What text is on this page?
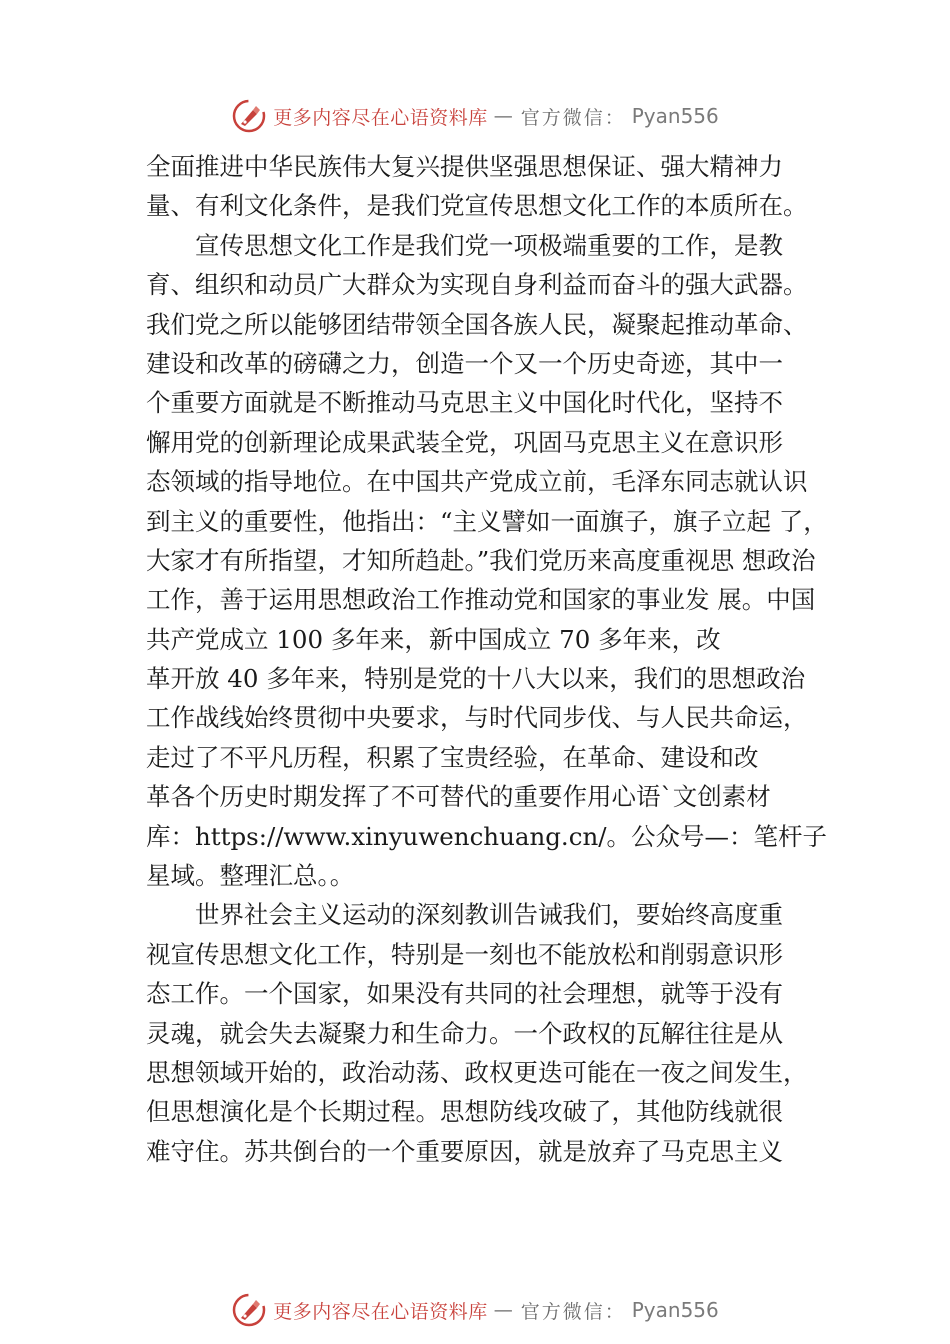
更多内容尽在心语资料库 — 官方微信： Pyan556
全面推进中华民族伟大复兴提供坚强思想保证、强大精神力
量、有利文化条件，是我们党宣传思想文化工作的本质所在。
宣传思想文化工作是我们党一项极端重要的工作，是教
育、组织和动员广大群众为实现自身利益而奋斗的强大武器。
我们党之所以能够团结带领全国各族人民，凝聚起推动革命、
建设和改革的磅礴之力，创造一个又一个历史奇迹，其中一
个重要方面就是不断推动马克思主义中国化时代化，坚持不
懈用党的创新理论成果武装全党，巩固马克思主义在意识形
态领域的指导地位。在中国共产党成立前，毛泽东同志就认识
到主义的重要性，他指出：“主义譬如一面旗子，旗子立起 了，
大家才有所指望，才知所趋赴。”我们党历来高度重视思 想政治
工作，善于运用思想政治工作推动党和国家的事业发 展。中国
共产党成立 100 多年来，新中国成立 70 多年来，改
革开放 40 多年来，特别是党的十八大以来，我们的思想政治
工作战线始终贯彻中央要求，与时代同步伐、与人民共命运，
走过了不平凡历程，积累了宝贵经验，在革命、建设和改
革各个历史时期发挥了不可替代的重要作用心语`文创素材
库：https://www.xinyuwenchuang.cn/。公众号—：笔杆子
星域。整理汇总。。
世界社会主义运动的深刻教训告诫我们，要始终高度重
视宣传思想文化工作，特别是一刻也不能放松和削弱意识形
态工作。一个国家，如果没有共同的社会理想，就等于没有
灵魂，就会失去凝聚力和生命力。一个政权的瓦解往往是从
思想领域开始的，政治动荡、政权更迭可能在一夜之间发生，
但思想演化是个长期过程。思想防线攻破了，其他防线就很
难守住。苏共倒台的一个重要原因，就是放弃了马克思主义
更多内容尽在心语资料库 — 官方微信： Pyan556
